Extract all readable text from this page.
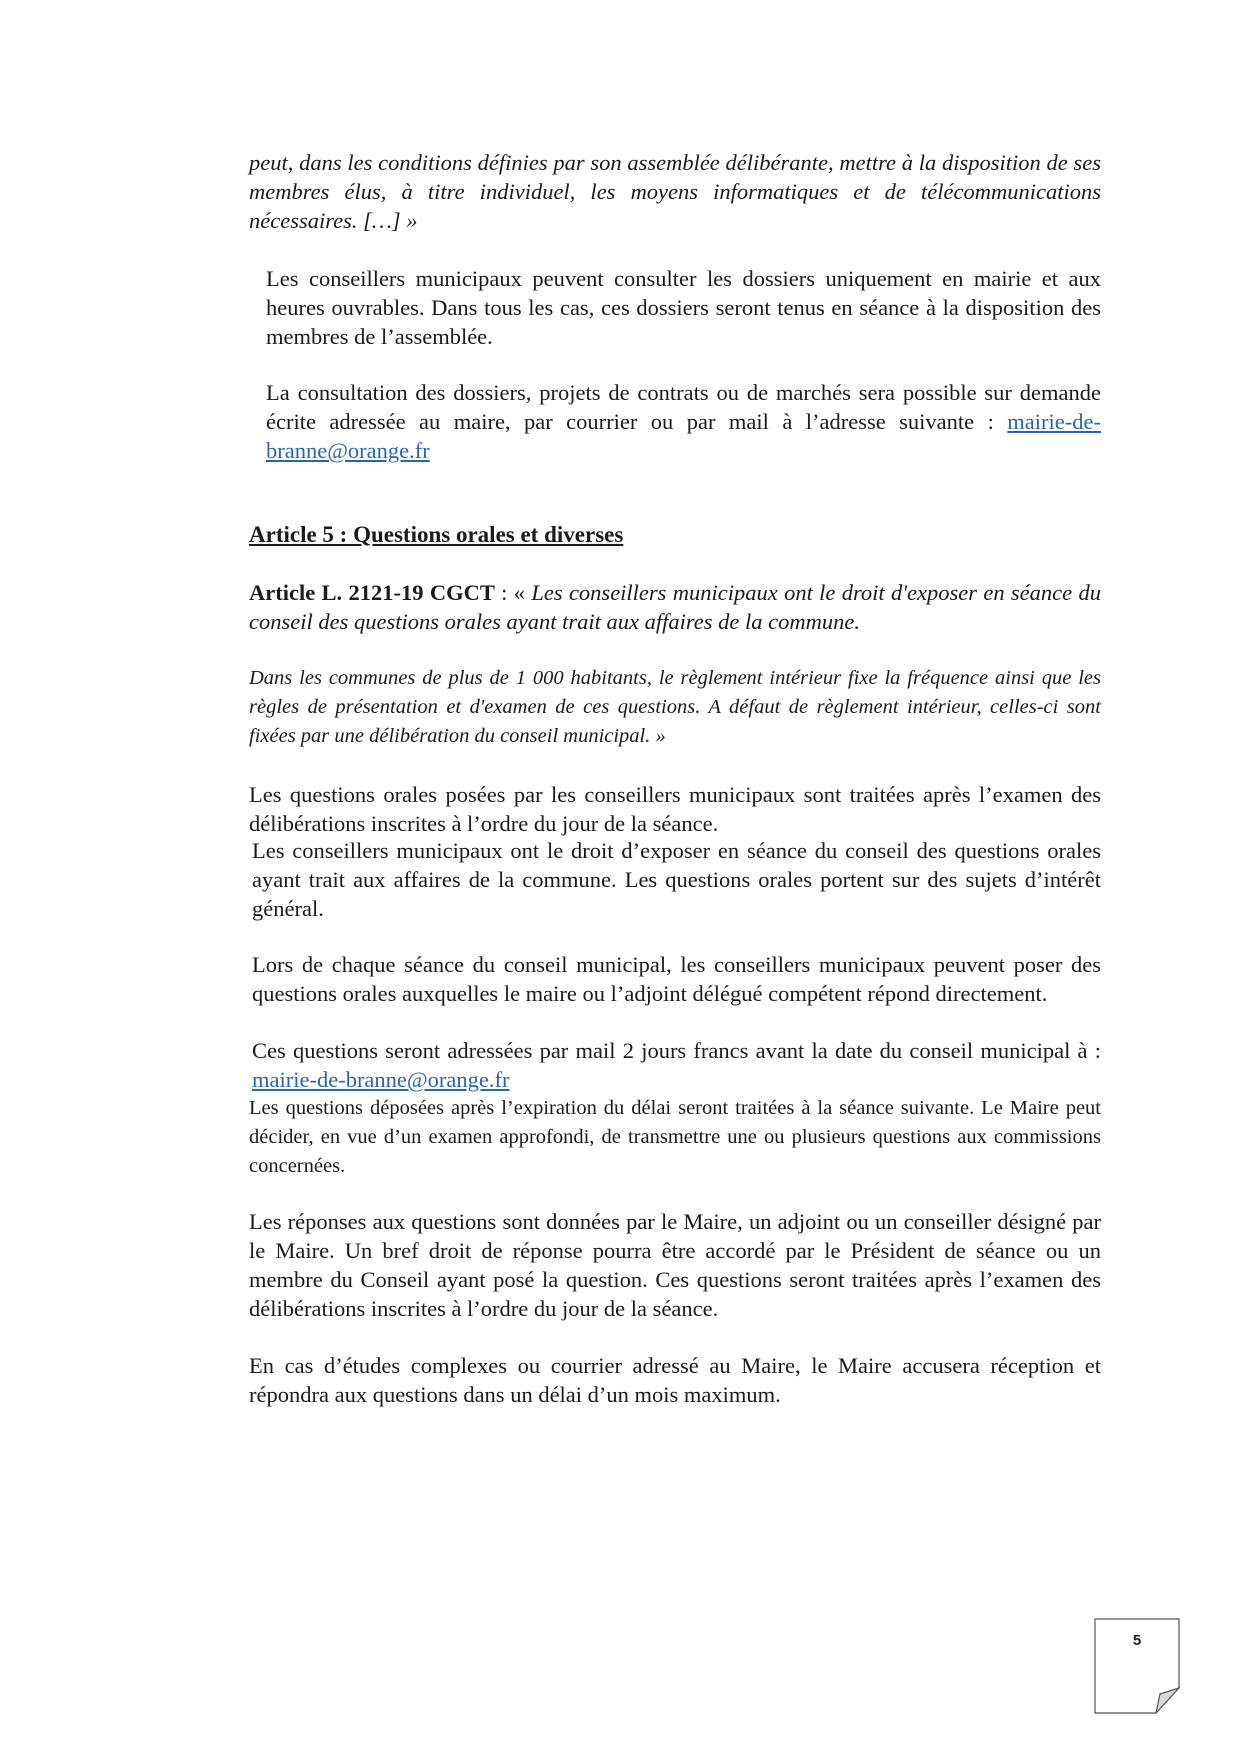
peut, dans les conditions définies par son assemblée délibérante, mettre à la disposition de ses membres élus, à titre individuel, les moyens informatiques et de télécommunications nécessaires. […] »

Les conseillers municipaux peuvent consulter les dossiers uniquement en mairie et aux heures ouvrables. Dans tous les cas, ces dossiers seront tenus en séance à la disposition des membres de l’assemblée.

La consultation des dossiers, projets de contrats ou de marchés sera possible sur demande écrite adressée au maire, par courrier ou par mail à l’adresse suivante : mairie-de-branne@orange.fr

Article 5 : Questions orales et diverses

Article L. 2121-19 CGCT : « Les conseillers municipaux ont le droit d'exposer en séance du conseil des questions orales ayant trait aux affaires de la commune.

Dans les communes de plus de 1 000 habitants, le règlement intérieur fixe la fréquence ainsi que les règles de présentation et d'examen de ces questions. A défaut de règlement intérieur, celles-ci sont fixées par une délibération du conseil municipal. »

Les questions orales posées par les conseillers municipaux sont traitées après l’examen des délibérations inscrites à l’ordre du jour de la séance.

Les conseillers municipaux ont le droit d’exposer en séance du conseil des questions orales ayant trait aux affaires de la commune. Les questions orales portent sur des sujets d’intérêt général.

Lors de chaque séance du conseil municipal, les conseillers municipaux peuvent poser des questions orales auxquelles le maire ou l’adjoint délégué compétent répond directement.

Ces questions seront adressées par mail 2 jours francs avant la date du conseil municipal à : mairie-de-branne@orange.fr

Les questions déposées après l’expiration du délai seront traitées à la séance suivante. Le Maire peut décider, en vue d’un examen approfondi, de transmettre une ou plusieurs questions aux commissions concernées.

Les réponses aux questions sont données par le Maire, un adjoint ou un conseiller désigné par le Maire. Un bref droit de réponse pourra être accordé par le Président de séance ou un membre du Conseil ayant posé la question. Ces questions seront traitées après l’examen des délibérations inscrites à l’ordre du jour de la séance.

En cas d’études complexes ou courrier adressé au Maire, le Maire accusera réception et répondra aux questions dans un délai d’un mois maximum.

5
